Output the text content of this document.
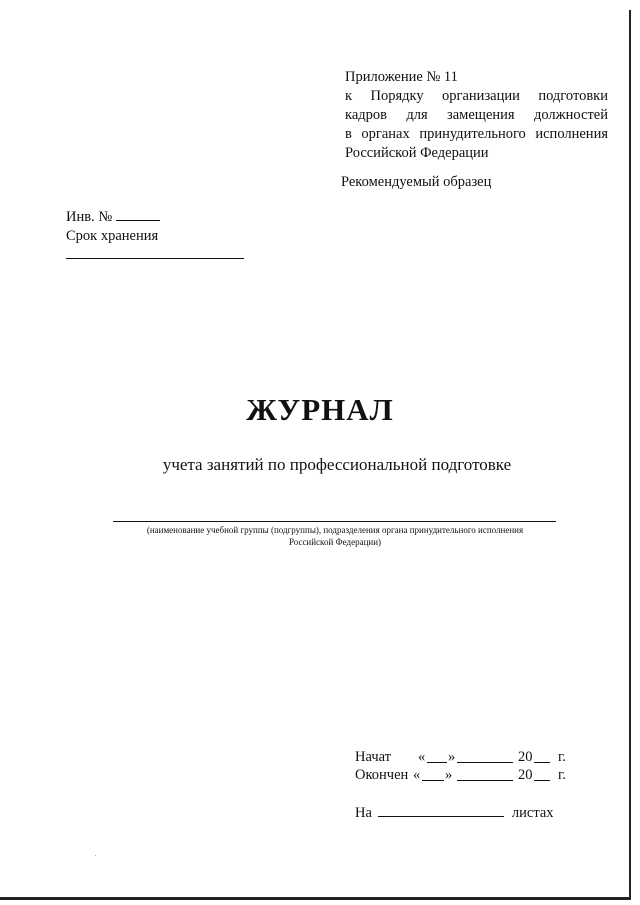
Приложение № 11
к Порядку организации подготовки
кадров для замещения должностей
в органах принудительного исполнения
Российской Федерации
Рекомендуемый образец
Инв. №
Срок хранения
ЖУРНАЛ
учета занятий по профессиональной подготовке
(наименование учебной группы (подгруппы), подразделения органа принудительного исполнения
Российской Федерации)
Начат « »	20 г.
Окончен « »	20 г.
На	листах
